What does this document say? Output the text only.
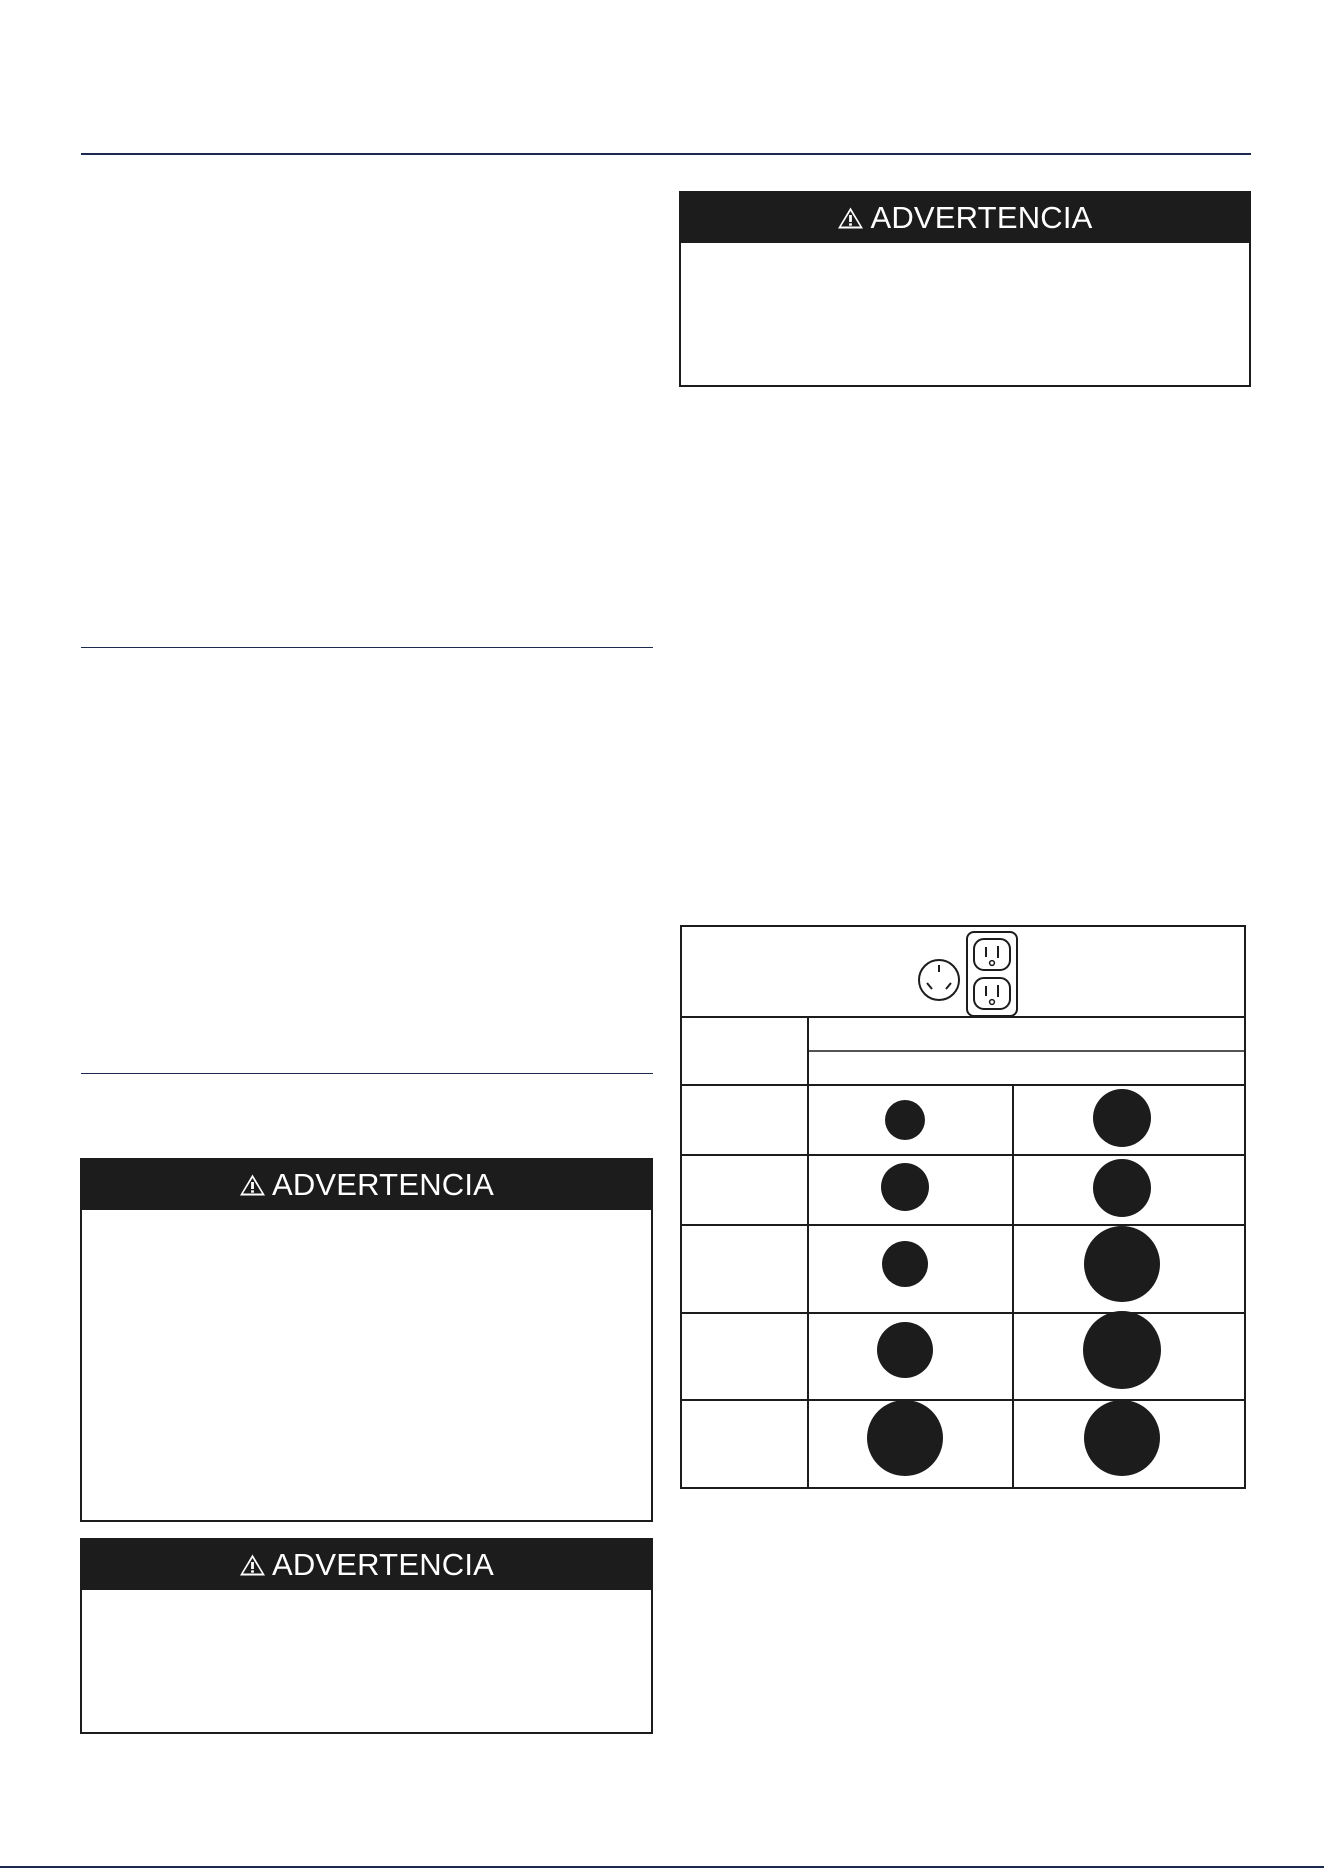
ADVERTENCIA
ADVERTENCIA
ADVERTENCIA
